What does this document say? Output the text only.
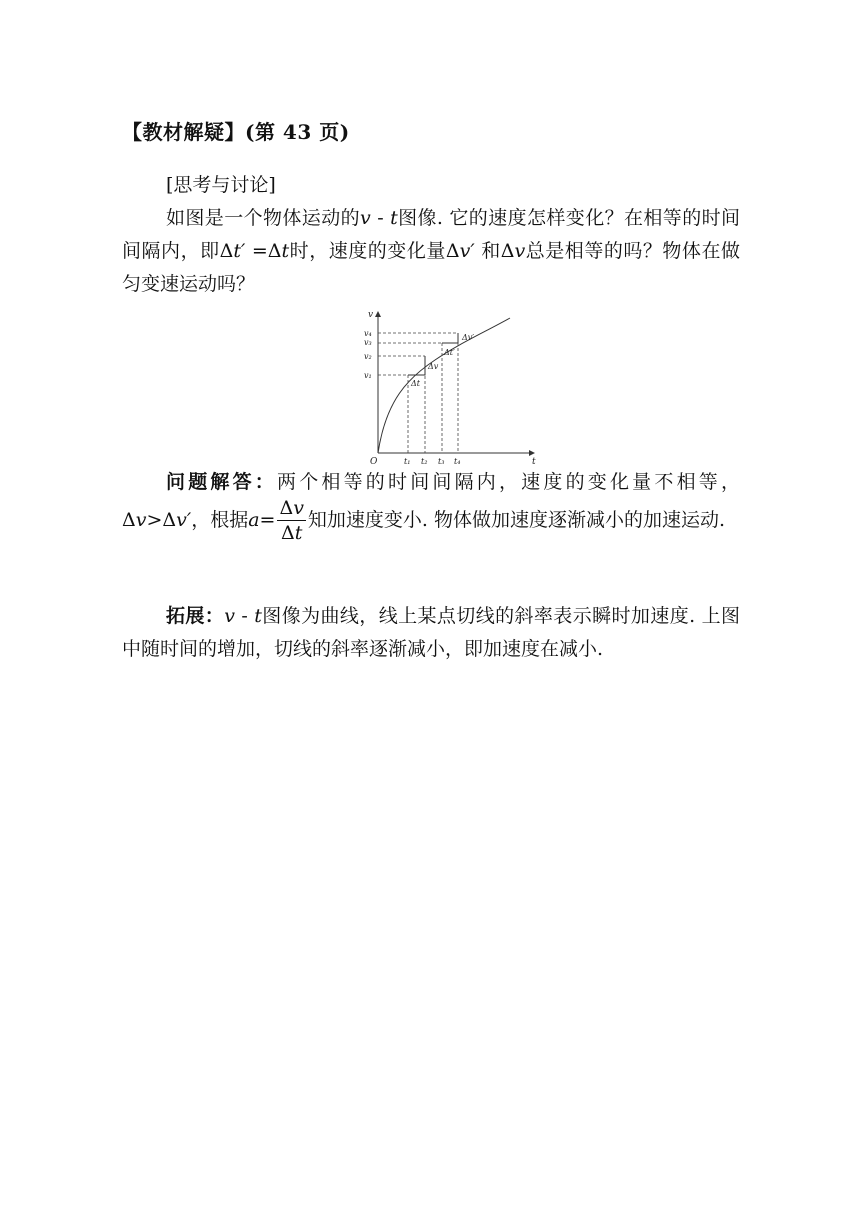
【教材解疑】(第 43 页)
[思考与讨论]

如图是一个物体运动的v - t图像. 它的速度怎样变化？在相等的时间间隔内，即Δt′ =Δt时，速度的变化量Δv′ 和Δv总是相等的吗？物体在做匀变速运动吗？

v
t
O
v₄
v₃
v₂
v₁
t₁ t₂ t₃ t₄
Δv
Δt
Δv′
Δt′

问题解答：两个相等的时间间隔内，速度的变化量不相等，Δv>Δv′，根据$a= \frac{\Delta v}{\Delta t}$ 知加速度变小. 物体做加速度逐渐减小的加速运动.

拓展：v - t图像为曲线，线上某点切线的斜率表示瞬时加速度. 上图中随时间的增加，切线的斜率逐渐减小，即加速度在减小.
